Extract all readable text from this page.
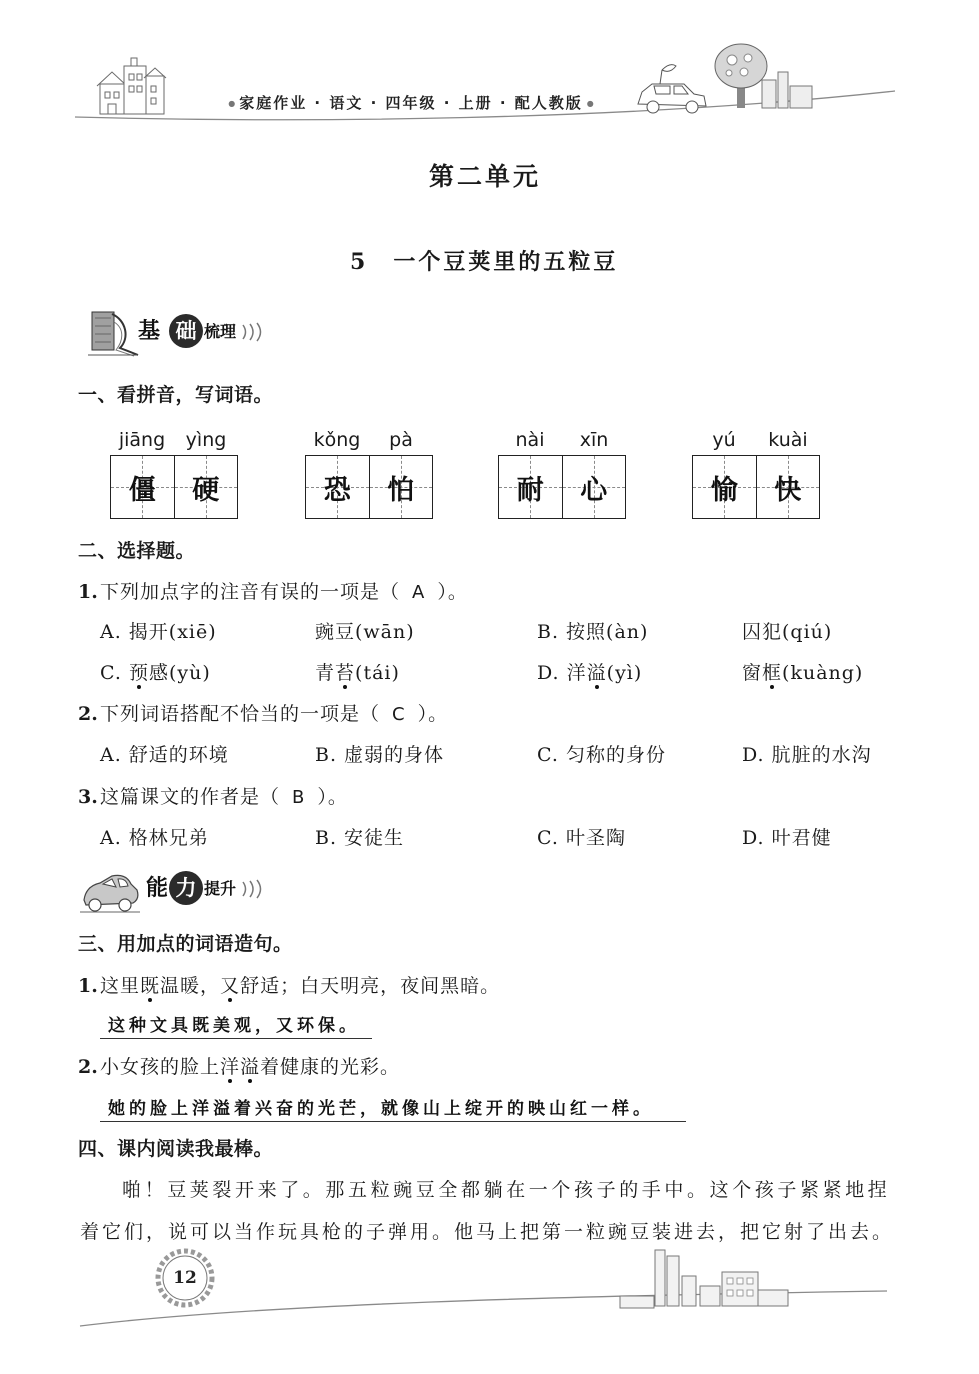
● 家庭作业 · 语文 · 四年级 · 上册 · 配人教版 ●
第二单元
5 一个豆荚里的五粒豆
基 础 梳理
一、看拼音，写词语。
jiāng	yìng
僵	硬
kǒng	pà
恐	怕
nài	xīn
耐	心
yú	kuài
愉	快
二、选择题。
1. 下列加点字的注音有误的一项是（ A ）。
A. 揭开(xiē)	豌豆(wān)	B. 按照(àn)	囚犯(qiú)
C. 预感(yù)	青苔(tái)	D. 洋溢(yì)	窗框(kuàng)
2. 下列词语搭配不恰当的一项是（ C ）。
A. 舒适的环境	B. 虚弱的身体	C. 匀称的身份	D. 肮脏的水沟
3. 这篇课文的作者是（ B ）。
A. 格林兄弟	B. 安徒生	C. 叶圣陶	D. 叶君健
能 力 提升
三、用加点的词语造句。
1. 这里既温暖，又舒适；白天明亮，夜间黑暗。
这种文具既美观，又环保。
2. 小女孩的脸上洋溢着健康的光彩。
她的脸上洋溢着兴奋的光芒，就像山上绽开的映山红一样。
四、课内阅读我最棒。
啪！豆荚裂开来了。那五粒豌豆全都躺在一个孩子的手中。这个孩子紧紧地捏
着它们，说可以当作玩具枪的子弹用。他马上把第一粒豌豆装进去，把它射了出去。
12
